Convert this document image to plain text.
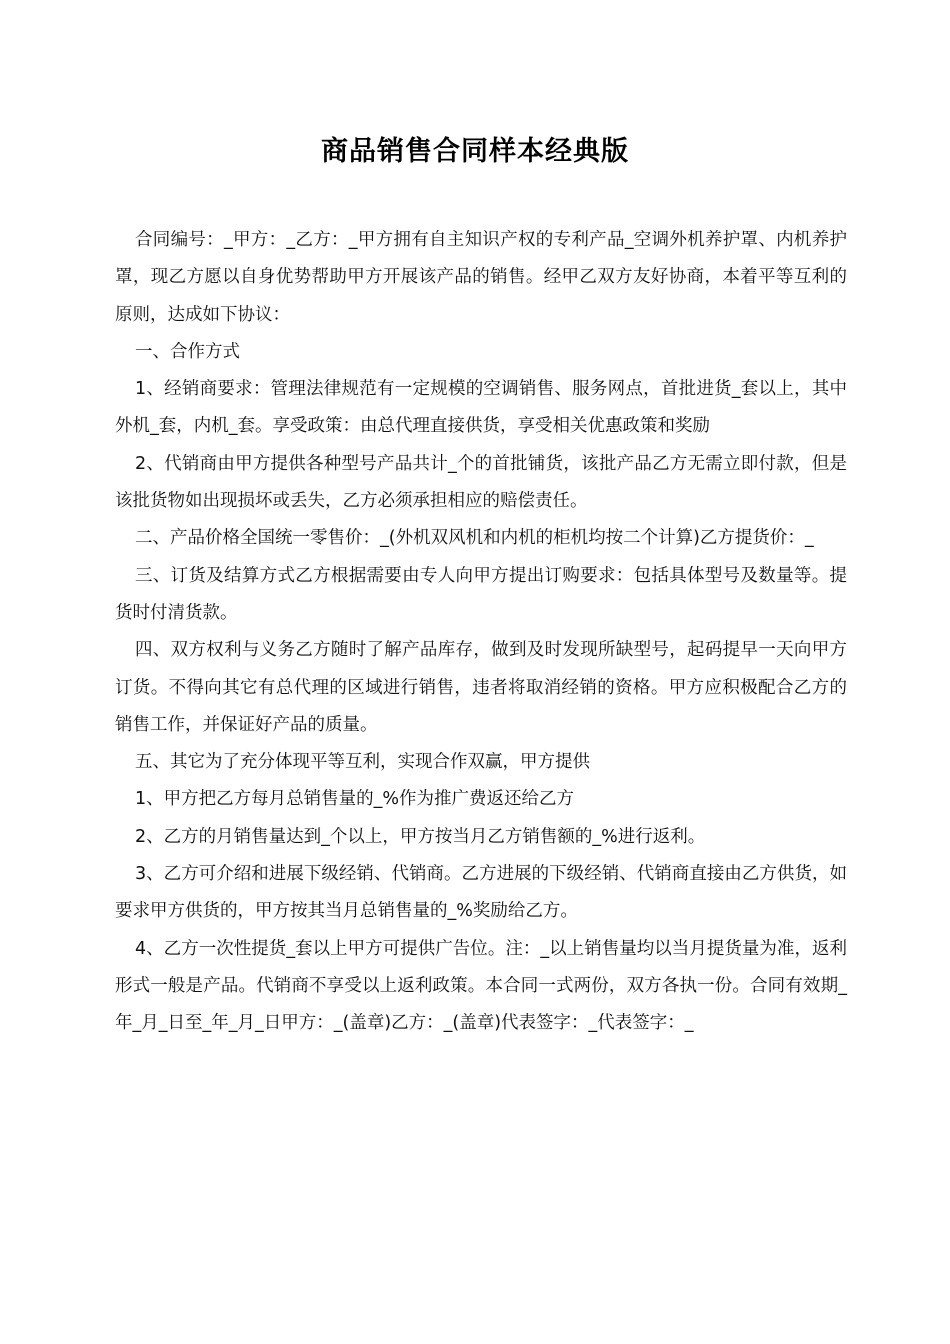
商品销售合同样本经典版

合同编号：_甲方：_乙方：_甲方拥有自主知识产权的专利产品_空调外机养护罩、内机养护罩，现乙方愿以自身优势帮助甲方开展该产品的销售。经甲乙双方友好协商，本着平等互利的原则，达成如下协议：

一、合作方式

1、经销商要求：管理法律规范有一定规模的空调销售、服务网点，首批进货_套以上，其中外机_套，内机_套。享受政策：由总代理直接供货，享受相关优惠政策和奖励

2、代销商由甲方提供各种型号产品共计_个的首批铺货，该批产品乙方无需立即付款，但是该批货物如出现损坏或丢失，乙方必须承担相应的赔偿责任。

二、产品价格全国统一零售价：_(外机双风机和内机的柜机均按二个计算)乙方提货价：_

三、订货及结算方式乙方根据需要由专人向甲方提出订购要求：包括具体型号及数量等。提货时付清货款。

四、双方权利与义务乙方随时了解产品库存，做到及时发现所缺型号，起码提早一天向甲方订货。不得向其它有总代理的区域进行销售，违者将取消经销的资格。甲方应积极配合乙方的销售工作，并保证好产品的质量。

五、其它为了充分体现平等互利，实现合作双赢，甲方提供

1、甲方把乙方每月总销售量的_%作为推广费返还给乙方

2、乙方的月销售量达到_个以上，甲方按当月乙方销售额的_%进行返利。

3、乙方可介绍和进展下级经销、代销商。乙方进展的下级经销、代销商直接由乙方供货，如要求甲方供货的，甲方按其当月总销售量的_%奖励给乙方。

4、乙方一次性提货_套以上甲方可提供广告位。注：_以上销售量均以当月提货量为准，返利形式一般是产品。代销商不享受以上返利政策。本合同一式两份，双方各执一份。合同有效期_年_月_日至_年_月_日甲方：_(盖章)乙方：_(盖章)代表签字：_代表签字：_
